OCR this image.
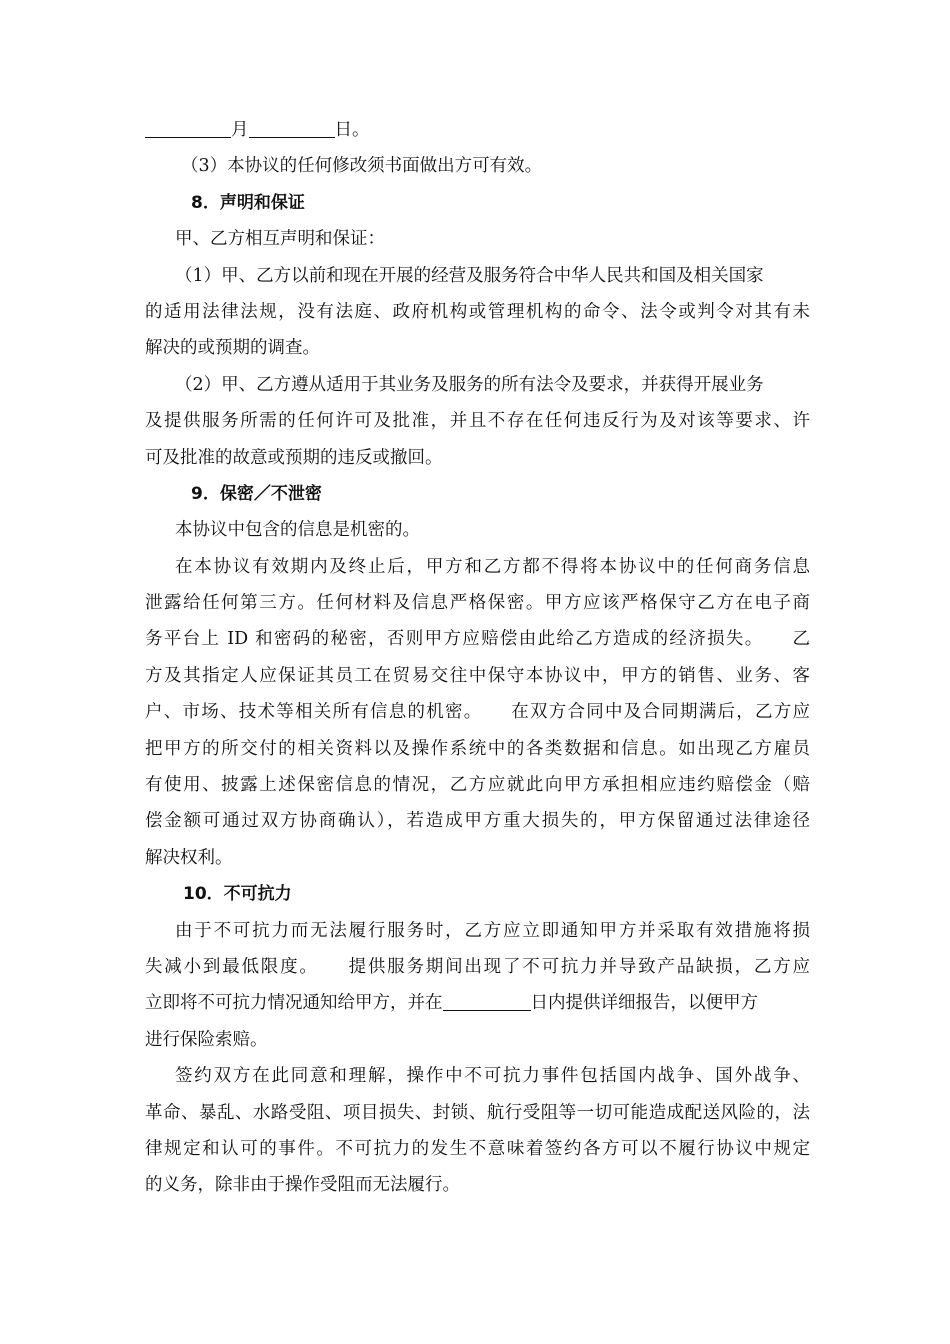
月	日。
（3）本协议的任何修改须书面做出方可有效。
8．声明和保证
甲、乙方相互声明和保证：
（1）甲、乙方以前和现在开展的经营及服务符合中华人民共和国及相关国家
的适用法律法规，没有法庭、政府机构或管理机构的命令、法令或判令对其有未
解决的或预期的调查。
（2）甲、乙方遵从适用于其业务及服务的所有法令及要求，并获得开展业务
及提供服务所需的任何许可及批准，并且不存在任何违反行为及对该等要求、许
可及批准的故意或预期的违反或撤回。
9．保密／不泄密
本协议中包含的信息是机密的。
在本协议有效期内及终止后，甲方和乙方都不得将本协议中的任何商务信息
泄露给任何第三方。任何材料及信息严格保密。甲方应该严格保守乙方在电子商
务平台上 ID 和密码的秘密，否则甲方应赔偿由此给乙方造成的经济损失。　　乙
方及其指定人应保证其员工在贸易交往中保守本协议中，甲方的销售、业务、客
户、市场、技术等相关所有信息的机密。　　在双方合同中及合同期满后，乙方应
把甲方的所交付的相关资料以及操作系统中的各类数据和信息。如出现乙方雇员
有使用、披露上述保密信息的情况，乙方应就此向甲方承担相应违约赔偿金（赔
偿金额可通过双方协商确认），若造成甲方重大损失的，甲方保留通过法律途径
解决权利。
10．不可抗力
由于不可抗力而无法履行服务时，乙方应立即通知甲方并采取有效措施将损
失减小到最低限度。　　提供服务期间出现了不可抗力并导致产品缺损，乙方应
立即将不可抗力情况通知给甲方，并在	日内提供详细报告，以便甲方
进行保险索赔。
签约双方在此同意和理解，操作中不可抗力事件包括国内战争、国外战争、
革命、暴乱、水路受阻、项目损失、封锁、航行受阻等一切可能造成配送风险的，法
律规定和认可的事件。不可抗力的发生不意味着签约各方可以不履行协议中规定
的义务，除非由于操作受阻而无法履行。
